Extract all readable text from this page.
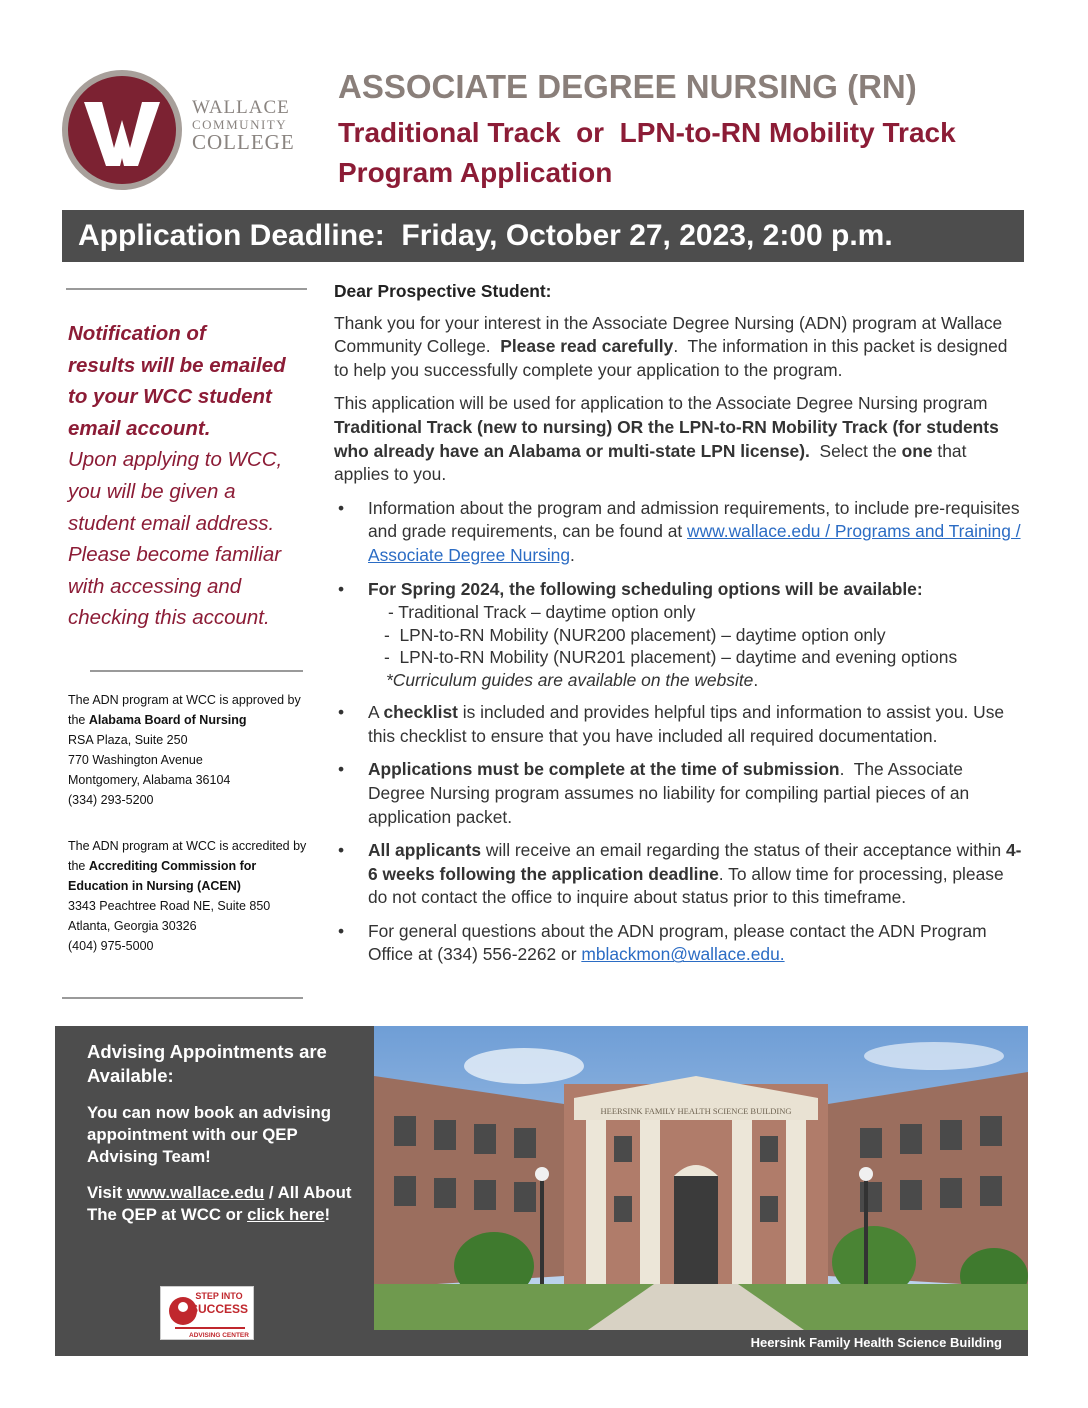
WALLACE
COMMUNITY
COLLEGE
ASSOCIATE DEGREE NURSING (RN)
Traditional Track  or  LPN-to-RN Mobility Track
Program Application
Application Deadline:  Friday, October 27, 2023, 2:00 p.m.
Notification of
results will be emailed
to your WCC student
email account.
Upon applying to WCC,
you will be given a
student email address.
Please become familiar
with accessing and
checking this account.
The ADN program at WCC is approved by the Alabama Board of Nursing
RSA Plaza, Suite 250
770 Washington Avenue
Montgomery, Alabama 36104
(334) 293-5200
The ADN program at WCC is accredited by the Accrediting Commission for Education in Nursing (ACEN)
3343 Peachtree Road NE, Suite 850
Atlanta, Georgia 30326
(404) 975-5000

Dear Prospective Student:

Thank you for your interest in the Associate Degree Nursing (ADN) program at Wallace Community College.  Please read carefully.  The information in this packet is designed to help you successfully complete your application to the program.

This application will be used for application to the Associate Degree Nursing program Traditional Track (new to nursing) OR the LPN-to-RN Mobility Track (for students who already have an Alabama or multi-state LPN license).  Select the one that applies to you.

• Information about the program and admission requirements, to include pre-requisites and grade requirements, can be found at www.wallace.edu / Programs and Training / Associate Degree Nursing.
• For Spring 2024, the following scheduling options will be available:
- Traditional Track – daytime option only
-  LPN-to-RN Mobility (NUR200 placement) – daytime option only
-  LPN-to-RN Mobility (NUR201 placement) – daytime and evening options
*Curriculum guides are available on the website.
• A checklist is included and provides helpful tips and information to assist you. Use this checklist to ensure that you have included all required documentation.
• Applications must be complete at the time of submission.  The Associate Degree Nursing program assumes no liability for compiling partial pieces of an application packet.
• All applicants will receive an email regarding the status of their acceptance within 4-6 weeks following the application deadline. To allow time for processing, please do not contact the office to inquire about status prior to this timeframe.
• For general questions about the ADN program, please contact the ADN Program Office at (334) 556-2262 or mblackmon@wallace.edu.
Advising Appointments are Available:

You can now book an advising appointment with our QEP Advising Team!

Visit www.wallace.edu / All About The QEP at WCC or click here!

STEP INTO
SUCCESS
ADVISING CENTER
HEERSINK FAMILY HEALTH SCIENCE BUILDING
Heersink Family Health Science Building
